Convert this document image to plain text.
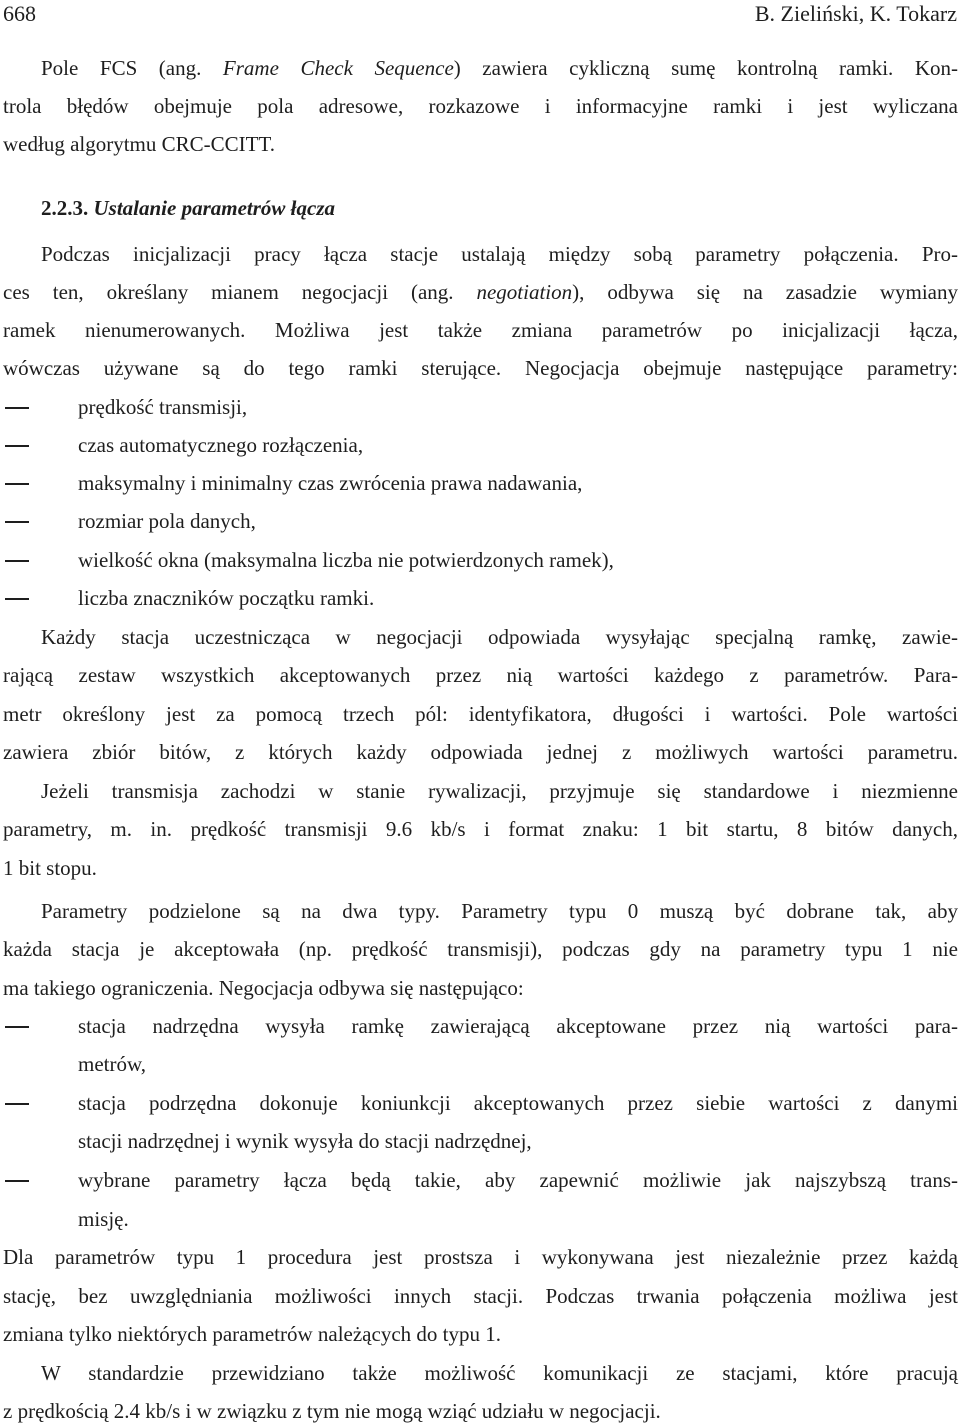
668	B. Zieliński, K. Tokarz
Pole FCS (ang. Frame Check Sequence) zawiera cykliczną sumę kontrolną ramki. Kon-
trola błędów obejmuje pola adresowe, rozkazowe i informacyjne ramki i jest wyliczana
według algorytmu CRC-CCITT.
2.2.3. Ustalanie parametrów łącza
Podczas inicjalizacji pracy łącza stacje ustalają między sobą parametry połączenia. Pro-
ces ten, określany mianem negocjacji (ang. negotiation), odbywa się na zasadzie wymiany
ramek nienumerowanych. Możliwa jest także zmiana parametrów po inicjalizacji łącza,
wówczas używane są do tego ramki sterujące. Negocjacja obejmuje następujące parametry:
prędkość transmisji,
czas automatycznego rozłączenia,
maksymalny i minimalny czas zwrócenia prawa nadawania,
rozmiar pola danych,
wielkość okna (maksymalna liczba nie potwierdzonych ramek),
liczba znaczników początku ramki.
Każdy stacja uczestnicząca w negocjacji odpowiada wysyłając specjalną ramkę, zawie-
rającą zestaw wszystkich akceptowanych przez nią wartości każdego z parametrów. Para-
metr określony jest za pomocą trzech pól: identyfikatora, długości i wartości. Pole wartości
zawiera zbiór bitów, z których każdy odpowiada jednej z możliwych wartości parametru.
Jeżeli transmisja zachodzi w stanie rywalizacji, przyjmuje się standardowe i niezmienne
parametry, m. in. prędkość transmisji 9.6 kb/s i format znaku: 1 bit startu, 8 bitów danych,
1 bit stopu.
Parametry podzielone są na dwa typy. Parametry typu 0 muszą być dobrane tak, aby
każda stacja je akceptowała (np. prędkość transmisji), podczas gdy na parametry typu 1 nie
ma takiego ograniczenia. Negocjacja odbywa się następująco:
stacja nadrzędna wysyła ramkę zawierającą akceptowane przez nią wartości para-
metrów,
stacja podrzędna dokonuje koniunkcji akceptowanych przez siebie wartości z danymi
stacji nadrzędnej i wynik wysyła do stacji nadrzędnej,
wybrane parametry łącza będą takie, aby zapewnić możliwie jak najszybszą trans-
misję.
Dla parametrów typu 1 procedura jest prostsza i wykonywana jest niezależnie przez każdą
stację, bez uwzględniania możliwości innych stacji. Podczas trwania połączenia możliwa jest
zmiana tylko niektórych parametrów należących do typu 1.
W standardzie przewidziano także możliwość komunikacji ze stacjami, które pracują
z prędkością 2.4 kb/s i w związku z tym nie mogą wziąć udziału w negocjacji.
